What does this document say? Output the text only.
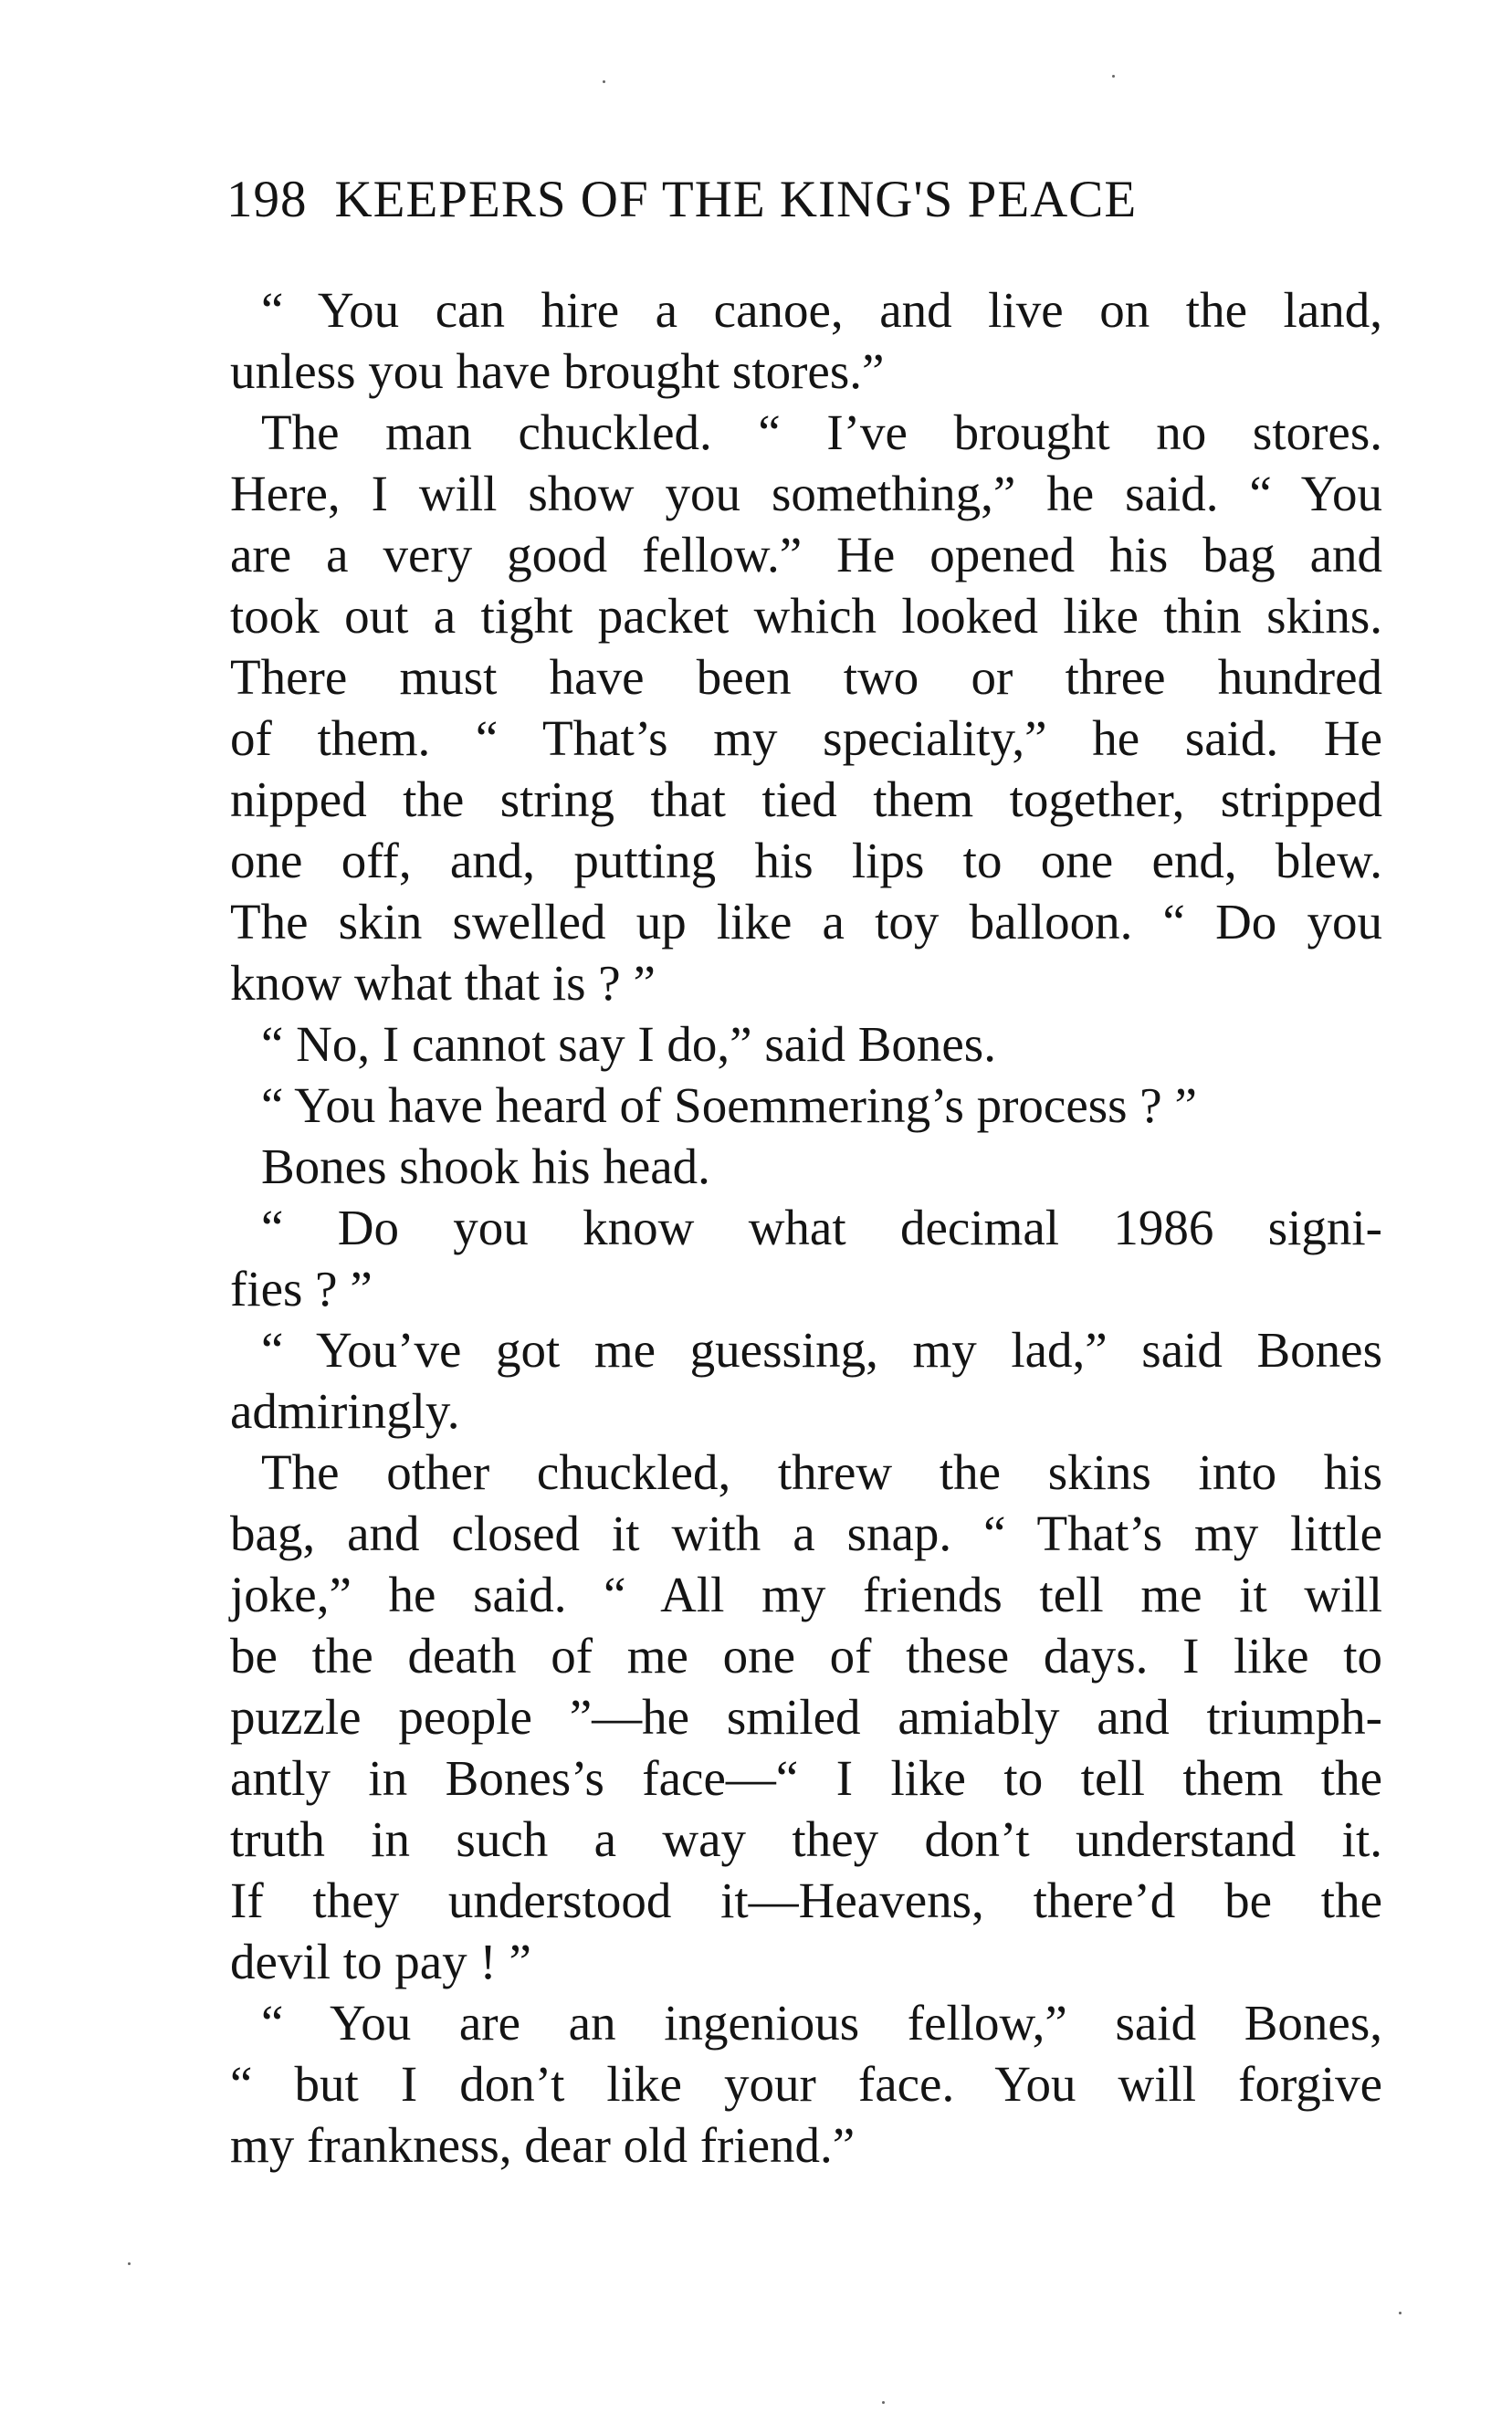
198 KEEPERS OF THE KING'S PEACE
“ You can hire a canoe, and live on the land,
unless you have brought stores.”
The man chuckled. “ I’ve brought no stores.
Here, I will show you something,” he said. “ You
are a very good fellow.” He opened his bag and
took out a tight packet which looked like thin skins.
There must have been two or three hundred
of them. “ That’s my speciality,” he said. He
nipped the string that tied them together, stripped
one off, and, putting his lips to one end, blew.
The skin swelled up like a toy balloon. “ Do you
know what that is ? ”
“ No, I cannot say I do,” said Bones.
“ You have heard of Soemmering’s process ? ”
Bones shook his head.
“ Do you know what decimal 1986 signi-
fies ? ”
“ You’ve got me guessing, my lad,” said Bones
admiringly.
The other chuckled, threw the skins into his
bag, and closed it with a snap. “ That’s my little
joke,” he said. “ All my friends tell me it will
be the death of me one of these days. I like to
puzzle people ”—he smiled amiably and triumph-
antly in Bones’s face—“ I like to tell them the
truth in such a way they don’t understand it.
If they understood it—Heavens, there’d be the
devil to pay ! ”
“ You are an ingenious fellow,” said Bones,
“ but I don’t like your face. You will forgive
my frankness, dear old friend.”
